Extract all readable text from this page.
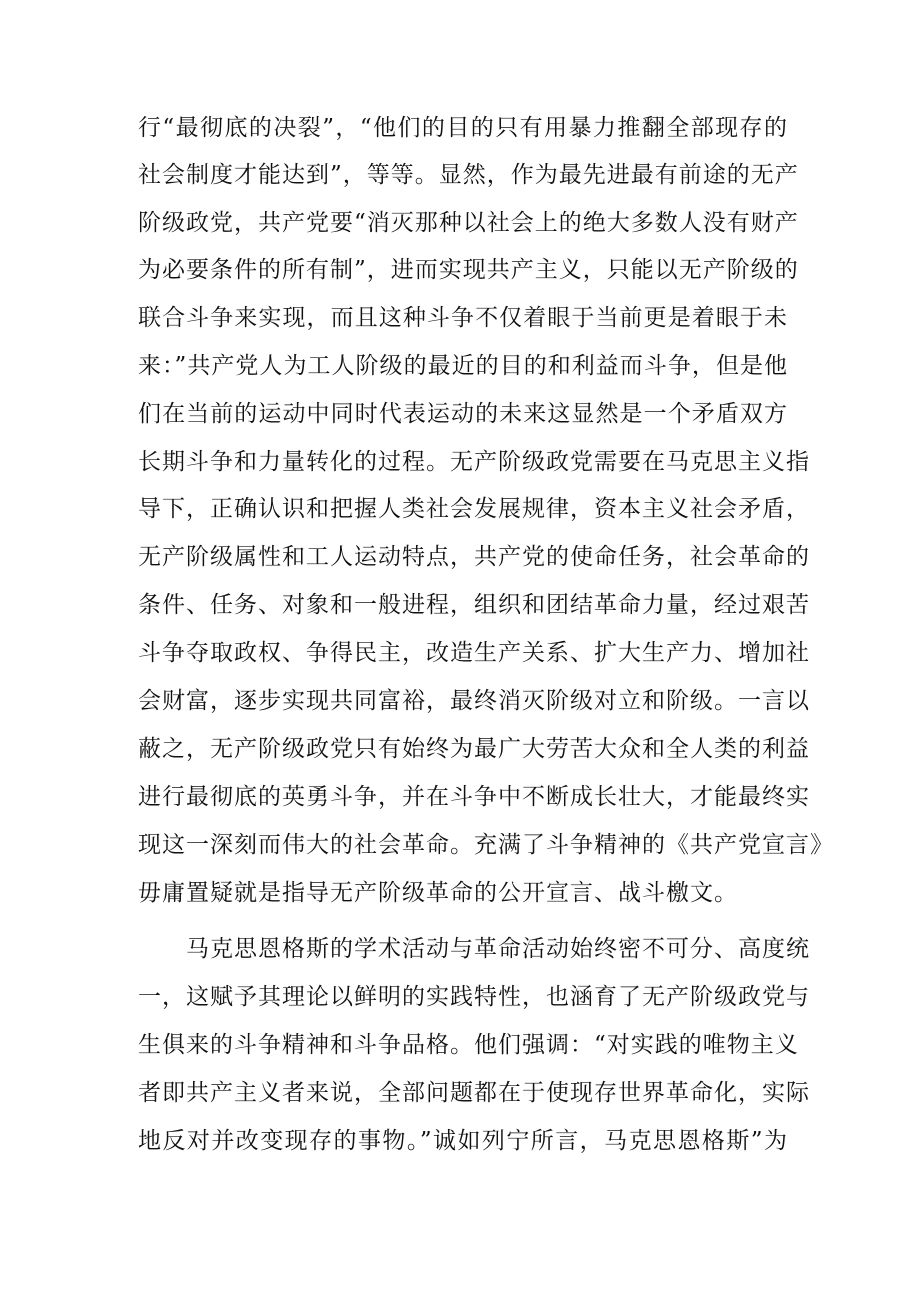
行“最彻底的决裂”，“他们的目的只有用暴力推翻全部现存的
社会制度才能达到”，等等。显然，作为最先进最有前途的无产
阶级政党，共产党要“消灭那种以社会上的绝大多数人没有财产
为必要条件的所有制”，进而实现共产主义，只能以无产阶级的
联合斗争来实现，而且这种斗争不仅着眼于当前更是着眼于未
来：”共产党人为工人阶级的最近的目的和利益而斗争，但是他
们在当前的运动中同时代表运动的未来这显然是一个矛盾双方
长期斗争和力量转化的过程。无产阶级政党需要在马克思主义指
导下，正确认识和把握人类社会发展规律，资本主义社会矛盾，
无产阶级属性和工人运动特点，共产党的使命任务，社会革命的
条件、任务、对象和一般进程，组织和团结革命力量，经过艰苦
斗争夺取政权、争得民主，改造生产关系、扩大生产力、增加社
会财富，逐步实现共同富裕，最终消灭阶级对立和阶级。一言以
蔽之，无产阶级政党只有始终为最广大劳苦大众和全人类的利益
进行最彻底的英勇斗争，并在斗争中不断成长壮大，才能最终实
现这一深刻而伟大的社会革命。充满了斗争精神的《共产党宣言》
毋庸置疑就是指导无产阶级革命的公开宣言、战斗檄文。
马克思恩格斯的学术活动与革命活动始终密不可分、高度统
一，这赋予其理论以鲜明的实践特性，也涵育了无产阶级政党与
生俱来的斗争精神和斗争品格。他们强调：“对实践的唯物主义
者即共产主义者来说，全部问题都在于使现存世界革命化，实际
地反对并改变现存的事物。”诚如列宁所言，马克思恩格斯”为
